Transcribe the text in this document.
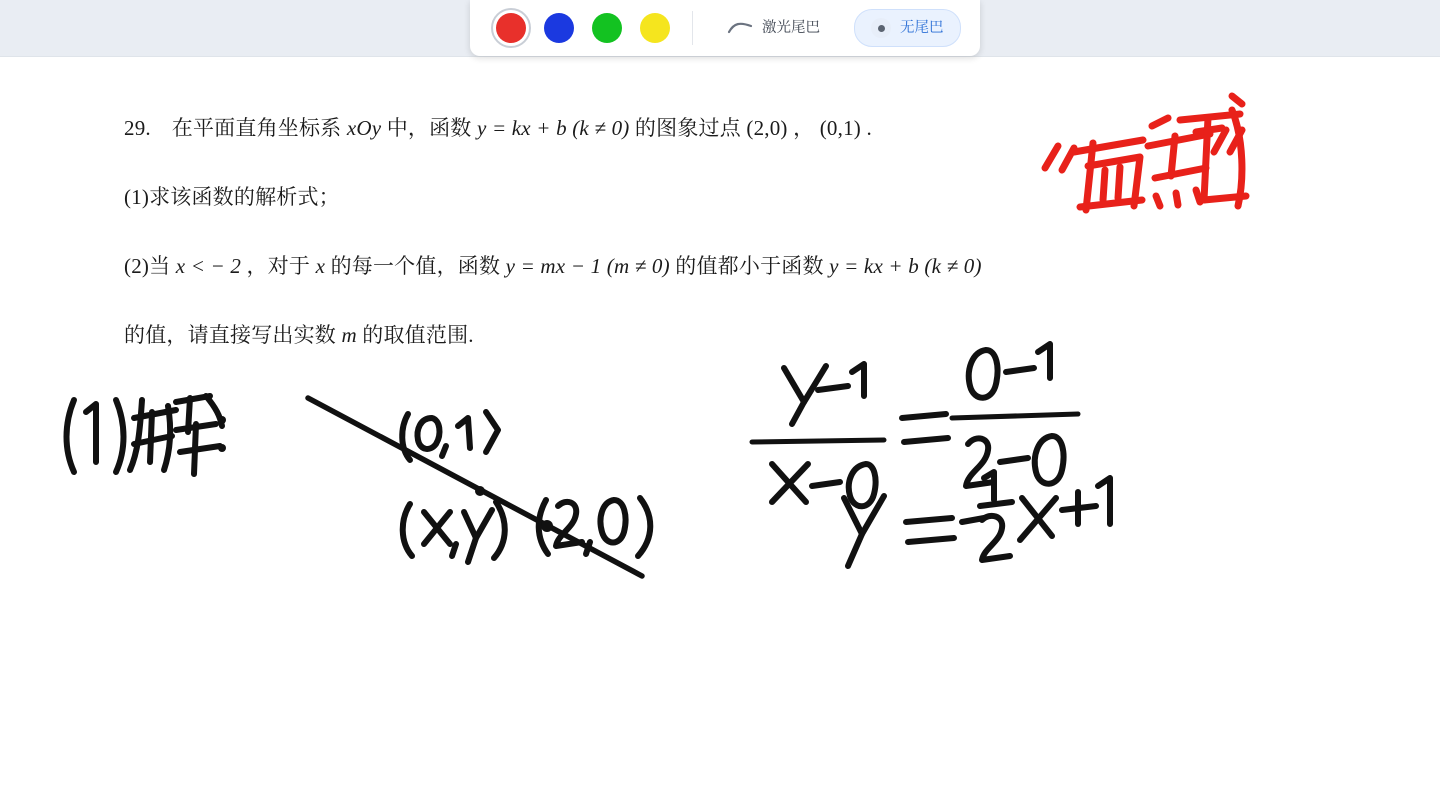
激光尾巴	无尾巴
29. 在平面直角坐标系 xOy 中，函数 y = kx + b (k ≠ 0) 的图象过点 (2,0) ， (0,1) .
(1)求该函数的解析式；
(2)当 x < − 2 ，对于 x 的每一个值，函数 y = mx − 1 (m ≠ 0) 的值都小于函数 y = kx + b (k ≠ 0)
的值，请直接写出实数 m 的取值范围.
